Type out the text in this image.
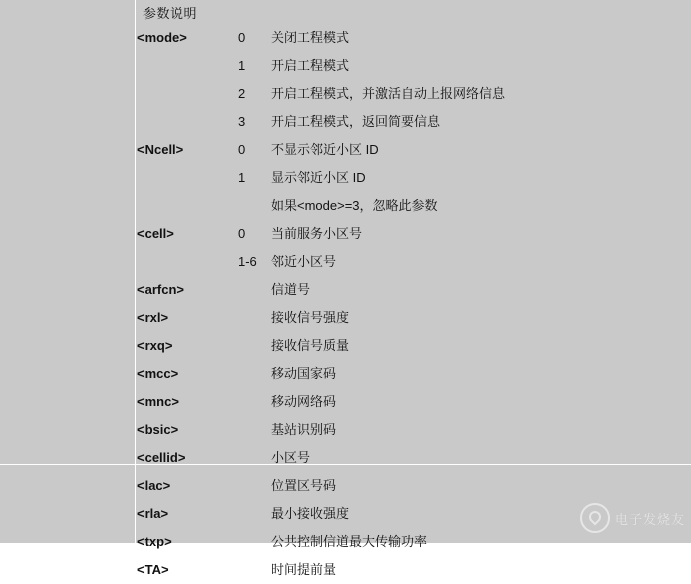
参数说明
<mode>	0	关闭工程模式
	1	开启工程模式
	2	开启工程模式，并激活自动上报网络信息
	3	开启工程模式，返回简要信息
<Ncell>	0	不显示邻近小区 ID
	1	显示邻近小区 ID
		如果<mode>=3，忽略此参数
<cell>	0	当前服务小区号
	1-6	邻近小区号
<arfcn>		信道号
<rxl>		接收信号强度
<rxq>		接收信号质量
<mcc>		移动国家码
<mnc>		移动网络码
<bsic>		基站识别码
<cellid>		小区号
<lac>		位置区号码
<rla>		最小接收强度
<txp>		公共控制信道最大传输功率
<TA>		时间提前量
电子发烧友
